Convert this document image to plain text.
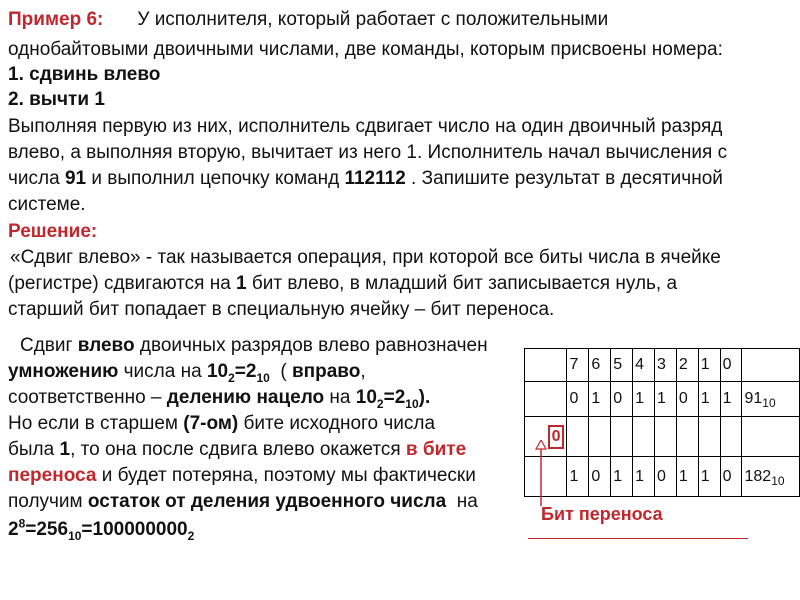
Пример 6: У исполнителя, который работает с положительными
однобайтовыми двоичными числами, две команды, которым присвоены номера:
1. сдвинь влево
2. вычти 1
Выполняя первую из них, исполнитель сдвигает число на один двоичный разряд
влево, а выполняя вторую, вычитает из него 1. Исполнитель начал вычисления с
числа 91 и выполнил цепочку команд 112112 . Запишите результат в десятичной
системе.
Решение:
«Сдвиг влево» - так называется операция, при которой все биты числа в ячейке
(регистре) сдвигаются на 1 бит влево, в младший бит записывается нуль, а
старший бит попадает в специальную ячейку – бит переноса.
Сдвиг влево двоичных разрядов влево равнозначен
умножению числа на $10_2=2_{10}$  ( вправо,
соответственно – делению нацело на $10_2=2_{10}$).
Но если в старшем (7-ом) бите исходного числа
была 1, то она после сдвига влево окажется в бите
переноса и будет потеряна, поэтому мы фактически
получим остаток от деления удвоенного числа  на
$2^8=256_{10}=100000000_2$
	7	6	5	4	3	2	1	0	
	0	1	0	1	1	0	1	1	$91_{10}$
0									
	1	0	1	1	0	1	1	0	$182_{10}$
Бит переноса
